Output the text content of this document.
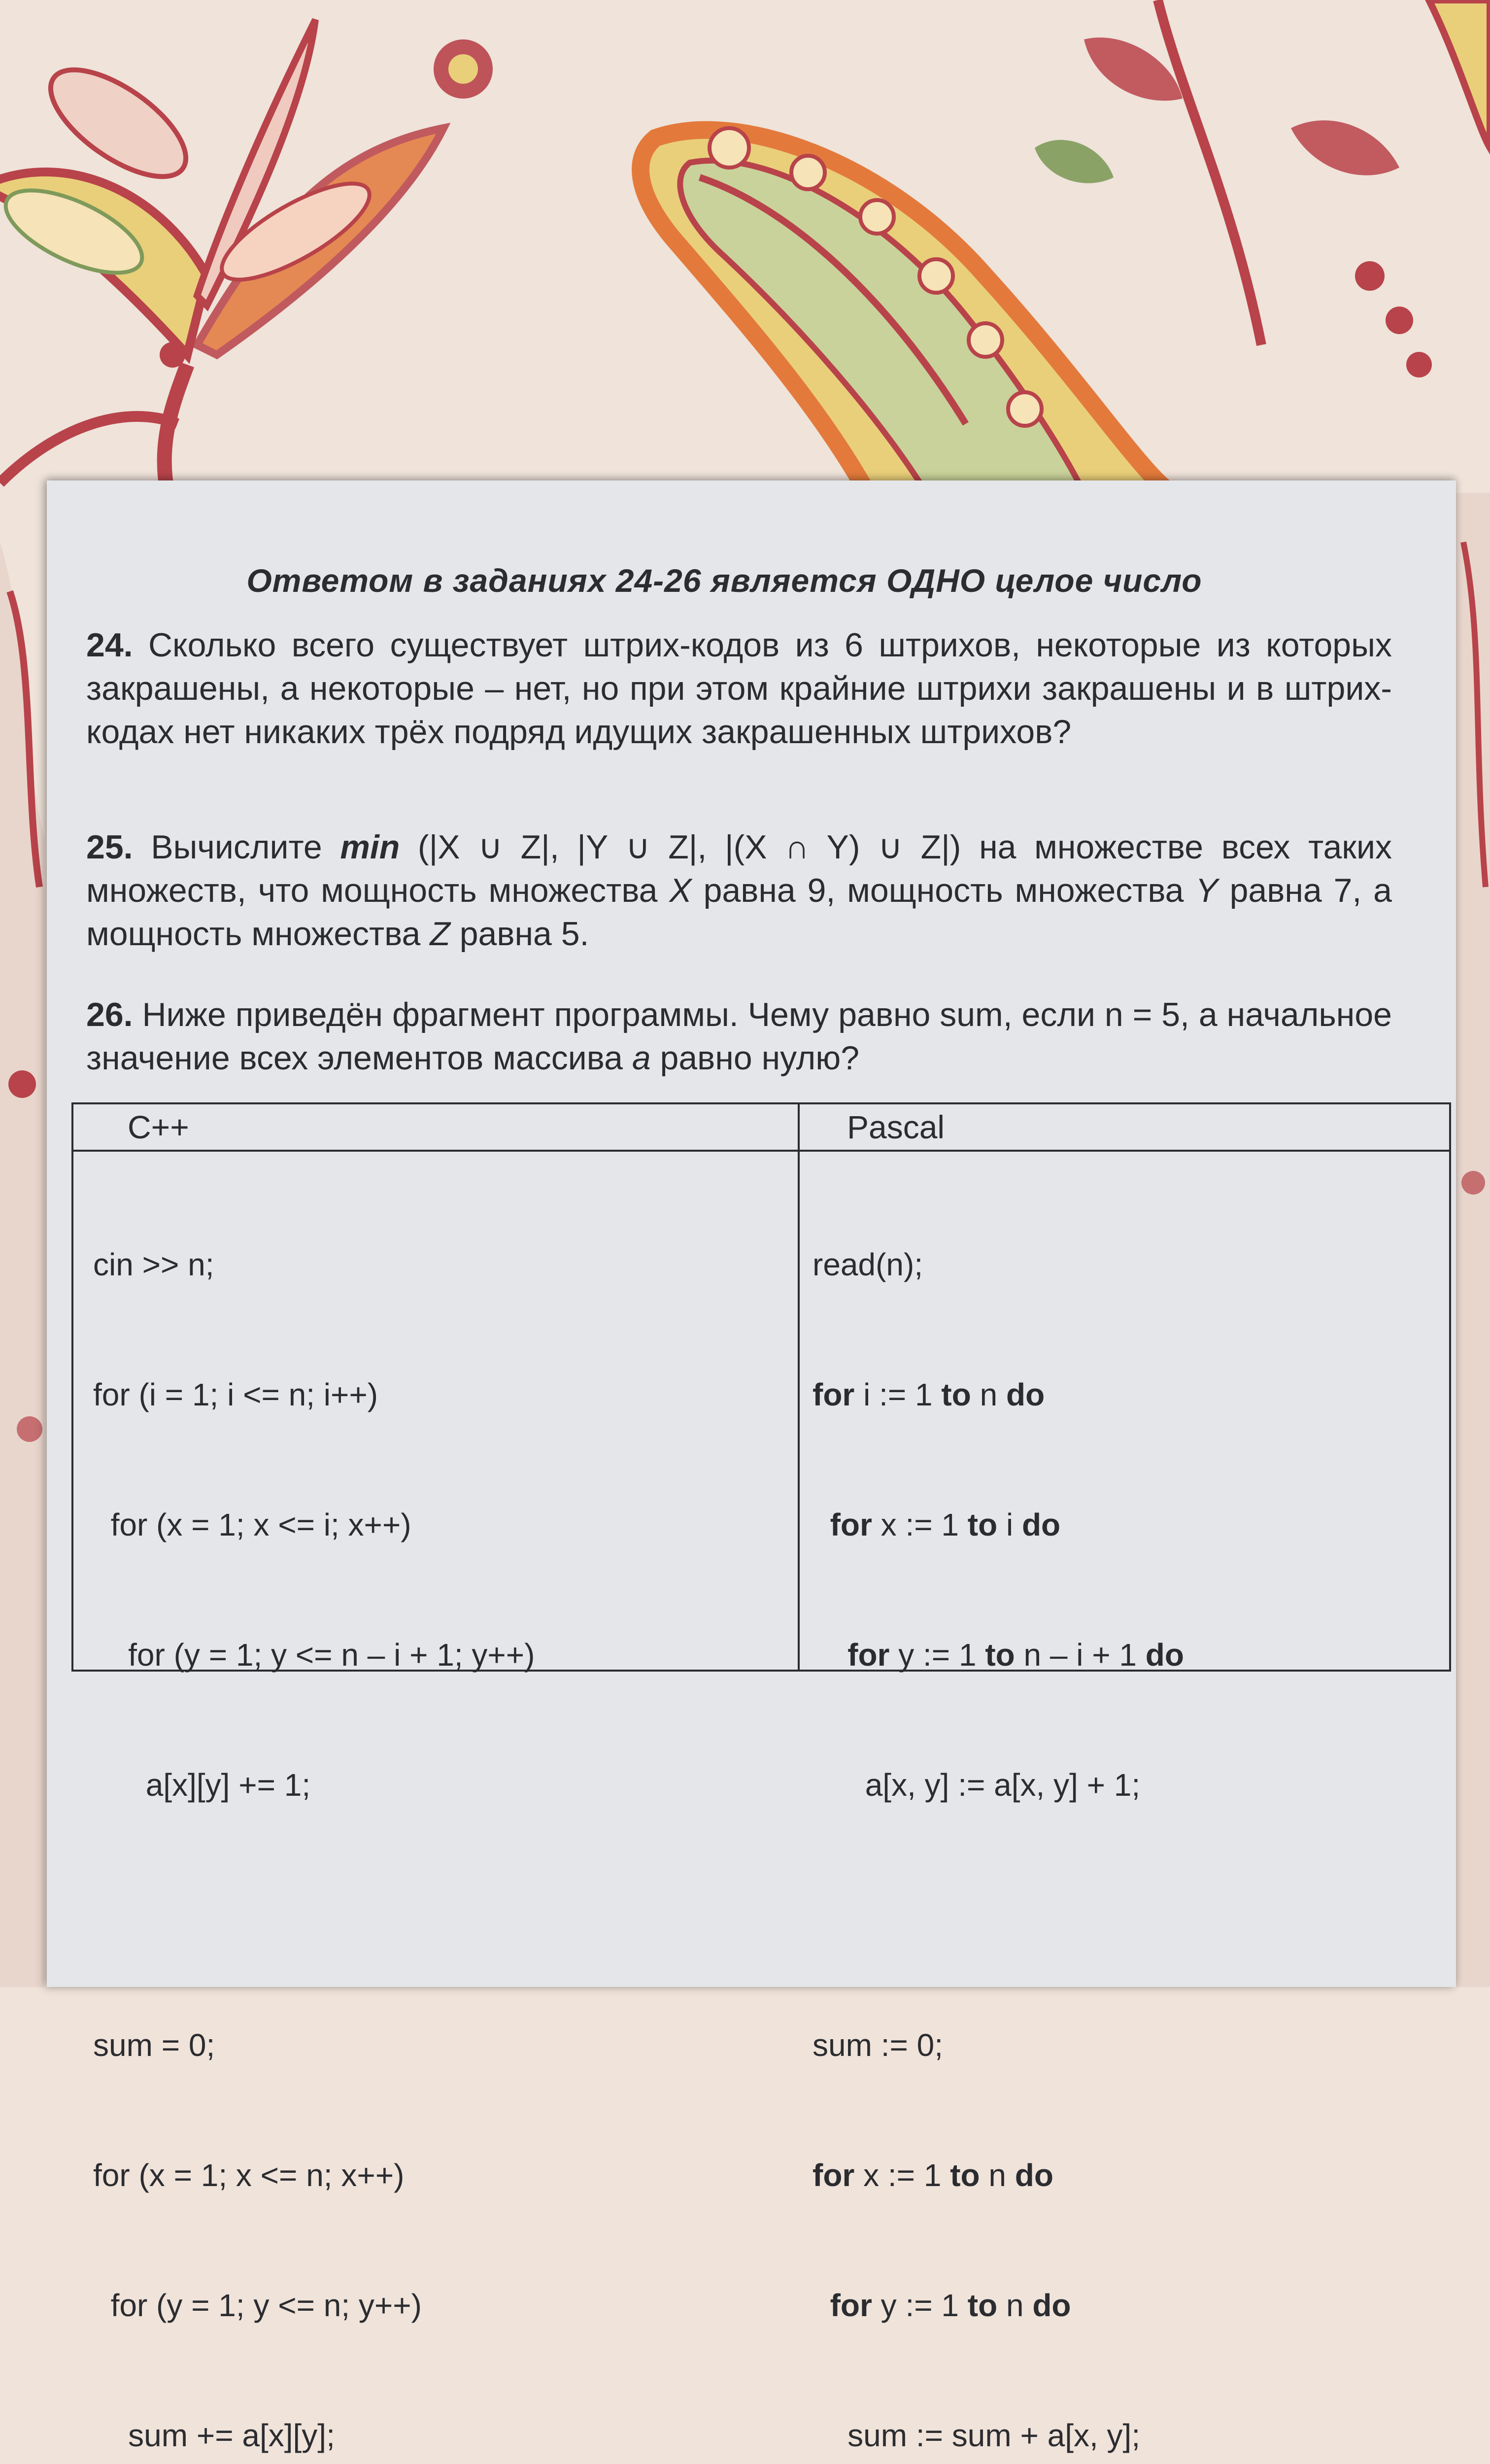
Ответом в заданиях 24-26 является ОДНО целое число
24. Сколько всего существует штрих-кодов из 6 штрихов, некоторые из которых закрашены, а некоторые – нет, но при этом крайние штрихи закрашены и в штрих-кодах нет никаких трёх подряд идущих закрашенных штрихов?
25. Вычислите min (|X ∪ Z|, |Y ∪ Z|, |(X ∩ Y) ∪ Z|) на множестве всех таких множеств, что мощность множества X равна 9, мощность множества Y равна 7, а мощность множества Z равна 5.
26. Ниже приведён фрагмент программы. Чему равно sum, если n = 5, а начальное значение всех элементов массива a равно нулю?
C++	Pascal

cin >> n;

for (i = 1; i <= n; i++)

for (x = 1; x <= i; x++)

for (y = 1; y <= n – i + 1; y++)

a[x][y] += 1;

sum = 0;

for (x = 1; x <= n; x++)

for (y = 1; y <= n; y++)

sum += a[x][y];

read(n);

for i := 1 to n do

for x := 1 to i do

for y := 1 to n – i + 1 do

a[x, y] := a[x, y] + 1;

sum := 0;

for x := 1 to n do

for y := 1 to n do

sum := sum + a[x, y];
